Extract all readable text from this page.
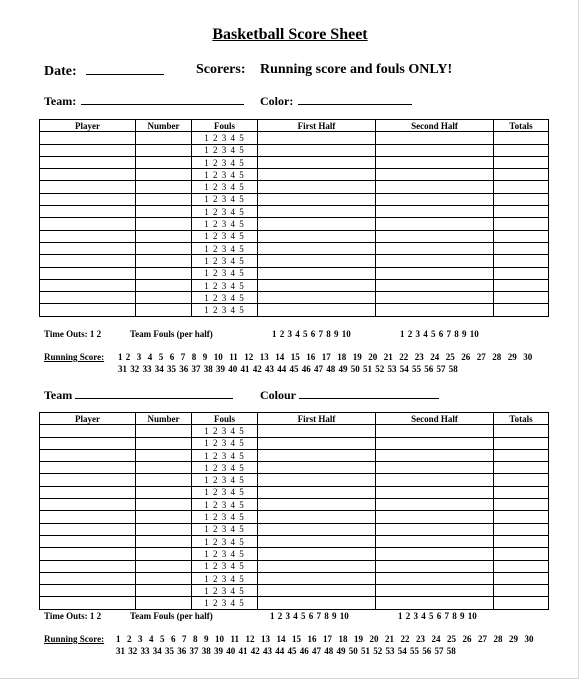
Basketball Score Sheet
Date:	Scorers: Running score and fouls ONLY!
Team:	Color:
Player	Number	Fouls	First Half	Second Half	Totals
		1 2 3 4 5			
		1 2 3 4 5			
		1 2 3 4 5			
		1 2 3 4 5			
		1 2 3 4 5			
		1 2 3 4 5			
		1 2 3 4 5			
		1 2 3 4 5			
		1 2 3 4 5			
		1 2 3 4 5			
		1 2 3 4 5			
		1 2 3 4 5			
		1 2 3 4 5			
		1 2 3 4 5			
		1 2 3 4 5			
Time Outs: 1 2	Team Fouls (per half)	1 2 3 4 5 6 7 8 9 10	1 2 3 4 5 6 7 8 9 10
Running Score: 1 2  3  4  5  6  7  8  9  10  11  12  13  14  15  16  17  18  19  20  21  22  23  24  25  26  27  28  29  30
31 32 33 34 35 36 37 38 39 40 41 42 43 44 45 46 47 48 49 50 51 52 53 54 55 56 57 58
Team	Colour
Player	Number	Fouls	First Half	Second Half	Totals
		1 2 3 4 5			
		1 2 3 4 5			
		1 2 3 4 5			
		1 2 3 4 5			
		1 2 3 4 5			
		1 2 3 4 5			
		1 2 3 4 5			
		1 2 3 4 5			
		1 2 3 4 5			
		1 2 3 4 5			
		1 2 3 4 5			
		1 2 3 4 5			
		1 2 3 4 5			
		1 2 3 4 5			
		1 2 3 4 5			
Time Outs: 1 2	Team Fouls (per half)	1 2 3 4 5 6 7 8 9 10	1 2 3 4 5 6 7 8 9 10
Running Score: 1  2  3  4  5  6  7  8  9  10  11  12  13  14  15  16  17  18  19  20  21  22  23  24  25  26  27  28  29  30
31 32 33 34 35 36 37 38 39 40 41 42 43 44 45 46 47 48 49 50 51 52 53 54 55 56 57 58
